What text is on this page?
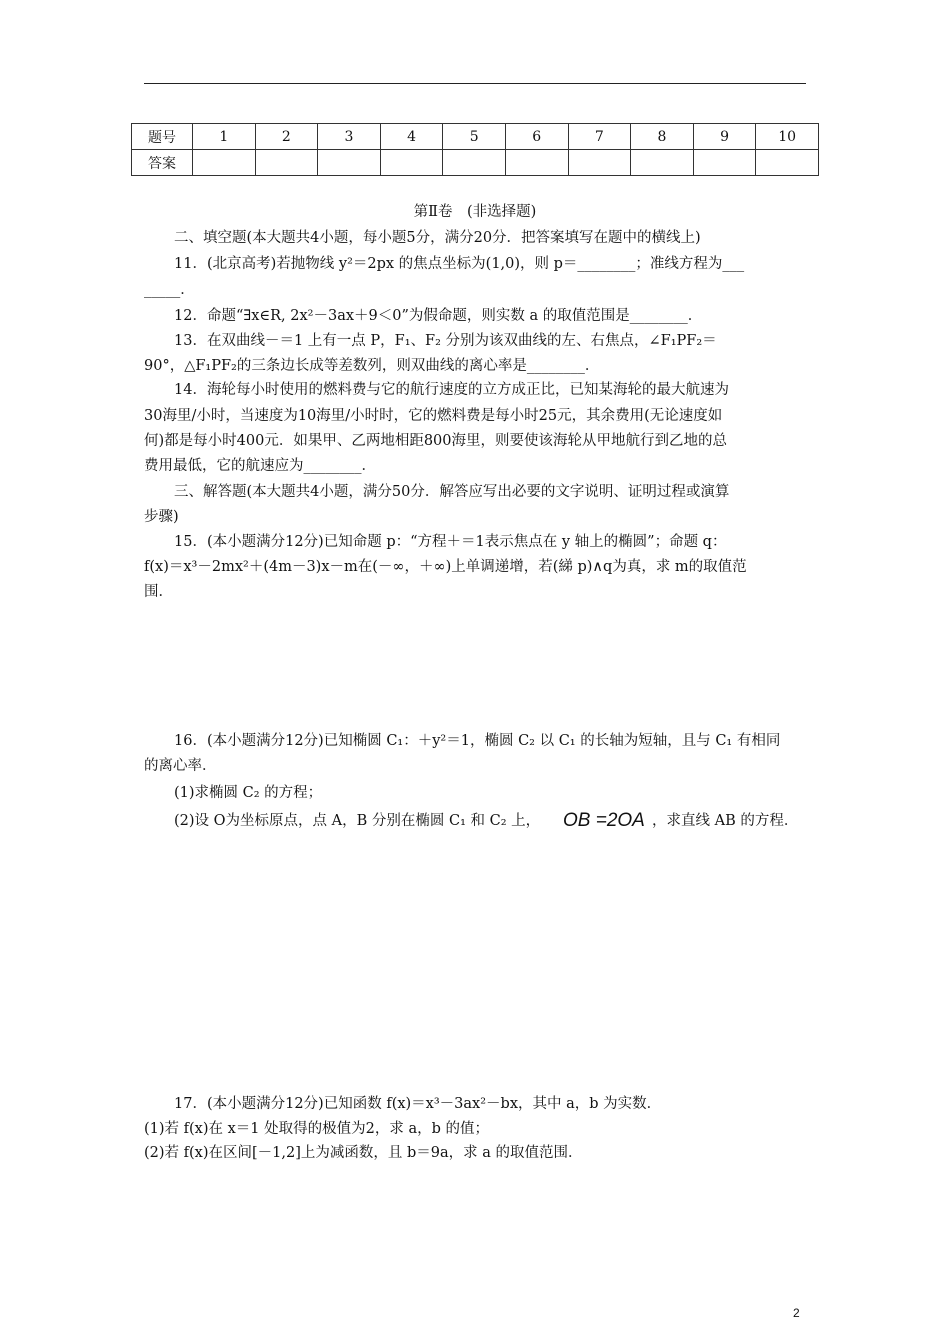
题号	1	2	3	4	5	6	7	8	9	10
答案										
第Ⅱ卷　(非选择题)
二、填空题(本大题共4小题，每小题5分，满分20分．把答案填写在题中的横线上)
11．(北京高考)若抛物线 y²＝2px 的焦点坐标为(1,0)，则 p＝________；准线方程为___
_____．
12．命题“∃x∈R, 2x²－3ax＋9＜0”为假命题，则实数 a 的取值范围是________．
13．在双曲线－＝1 上有一点 P，F₁、F₂ 分别为该双曲线的左、右焦点，∠F₁PF₂＝
90°，△F₁PF₂的三条边长成等差数列，则双曲线的离心率是________．
14．海轮每小时使用的燃料费与它的航行速度的立方成正比，已知某海轮的最大航速为
30海里/小时，当速度为10海里/小时时，它的燃料费是每小时25元，其余费用(无论速度如
何)都是每小时400元．如果甲、乙两地相距800海里，则要使该海轮从甲地航行到乙地的总
费用最低，它的航速应为________．
三、解答题(本大题共4小题，满分50分．解答应写出必要的文字说明、证明过程或演算
步骤)
15．(本小题满分12分)已知命题 p：“方程＋＝1表示焦点在 y 轴上的椭圆”；命题 q：
f(x)＝x³－2mx²＋(4m－3)x－m在(－∞，＋∞)上单调递增，若(綈 p)∧q为真，求 m的取值范
围．
16．(本小题满分12分)已知椭圆 C₁：＋y²＝1，椭圆 C₂ 以 C₁ 的长轴为短轴，且与 C₁ 有相同
的离心率．
(1)求椭圆 C₂ 的方程；
(2)设 O为坐标原点，点 A，B 分别在椭圆 C₁ 和 C₂ 上， OB =2OA ，求直线 AB 的方程．
17．(本小题满分12分)已知函数 f(x)＝x³－3ax²－bx，其中 a，b 为实数．
(1)若 f(x)在 x＝1 处取得的极值为2，求 a，b 的值；
(2)若 f(x)在区间[－1,2]上为减函数，且 b＝9a，求 a 的取值范围．
2
